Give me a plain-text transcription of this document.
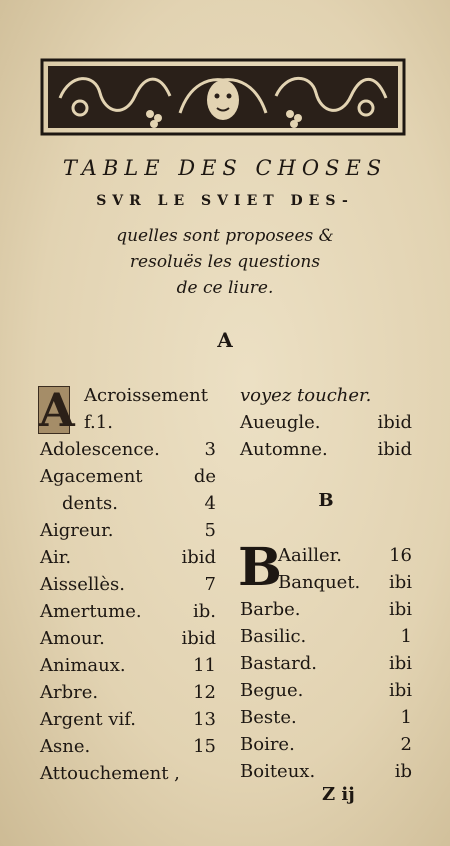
TABLE DES CHOSES
SVR LE SVIET DES-
quelles sont proposees &
resoluës les questions
de ce liure.
A
A Acroissement
f.1.
Adolescence. 3
Agacement	de
dents.	4
Aigreur.	5
Air.	ibid
Aissellès.	7
Amertume.	ib.
Amour.	ibid
Animaux.	11
Arbre.	12
Argent vif.	13
Asne.	15
Attouchement ,
voyez toucher.
Aueugle.	ibid
Automne.	ibid
B
B
Aailler.	16
Banquet. ibi
Barbe.	ibi
Basilic.	1
Bastard.	ibi
Begue.	ibi
Beste.	1
Boire.	2
Boiteux.	ib
Z ij
